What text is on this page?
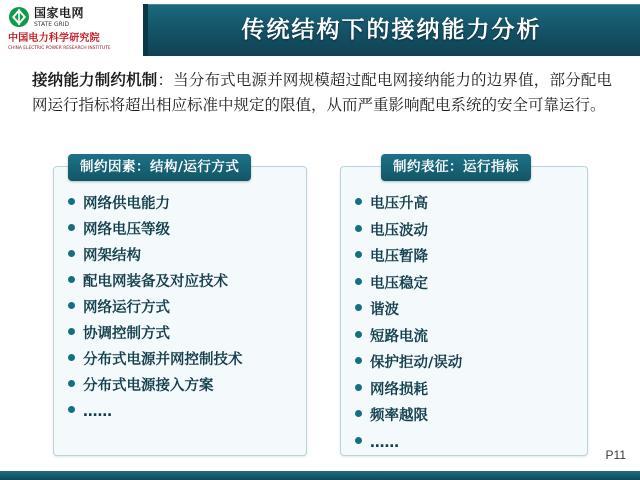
国家电网
STATE GRID
中国电力科学研究院
CHINA ELECTRIC POWER RESEARCH INSTITUTE
传统结构下的接纳能力分析
接纳能力制约机制：当分布式电源并网规模超过配电网接纳能力的边界值，部分配电网运行指标将超出相应标准中规定的限值，从而严重影响配电系统的安全可靠运行。
制约因素：结构/运行方式
网络供电能力
网络电压等级
网架结构
配电网装备及对应技术
网络运行方式
协调控制方式
分布式电源并网控制技术
分布式电源接入方案
……
制约表征：运行指标
电压升高
电压波动
电压暂降
电压稳定
谐波
短路电流
保护拒动/误动
网络损耗
频率越限
……
P11
